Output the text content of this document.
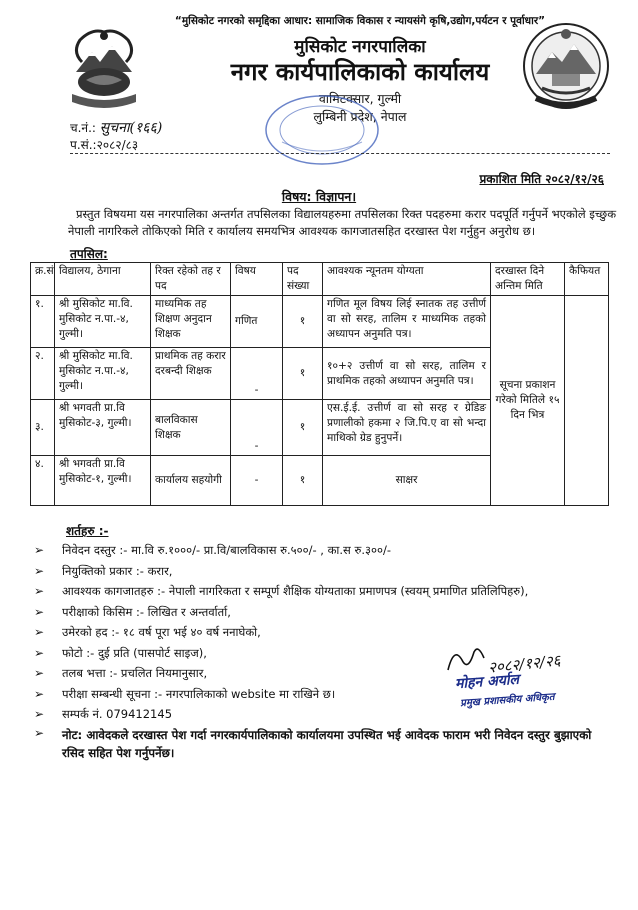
“मुसिकोट नगरको समृद्दिका आधार: सामाजिक विकास र न्यायसंगे कृषि,उद्योग,पर्यटन र पूर्वाधार”
मुसिकोट नगरपालिका
नगर कार्यपालिकाको कार्यालय
वामिटक्सार, गुल्मी
लुम्बिनी प्रदेश, नेपाल
च.नं.: सुचना(१६६)
प.सं.:२०८२/८३
प्रकाशित मिति २०८२/१२/२६
विषय: विज्ञापन।
प्रस्तुत विषयमा यस नगरपालिका अन्तर्गत तपसिलका विद्यालयहरुमा तपसिलका रिक्त पदहरुमा करार पदपूर्ति गर्नुपर्ने भएकोले इच्छुक नेपाली नागरिकले तोकिएको मिति र कार्यालय समयभित्र आवश्यक कागजातसहित दरखास्त पेश गर्नुहुन अनुरोध छ।
तपसिल:
क्र.सं	विद्यालय, ठेगाना	रिक्त रहेको तह र पद	विषय	पद संख्या	आवश्यक न्यूनतम योग्यता	दरखास्त दिने अन्तिम मिति	कैफियत
१.	श्री मुसिकोट मा.वि. मुसिकोट न.पा.-४, गुल्मी।	माध्यमिक तह शिक्षण अनुदान शिक्षक	गणित	१	गणित मूल विषय लिई स्नातक तह उत्तीर्ण वा सो सरह, तालिम र माध्यमिक तहको अध्यापन अनुमति पत्र।	सूचना प्रकाशन गरेको मितिले १५ दिन भित्र	
२.	श्री मुसिकोट मा.वि. मुसिकोट न.पा.-४, गुल्मी।	प्राथमिक तह करार दरबन्दी शिक्षक	-	१	१०+२ उत्तीर्ण वा सो सरह, तालिम र प्राथमिक तहको अध्यापन अनुमति पत्र।		
३.	श्री भगवती प्रा.वि मुसिकोट-३, गुल्मी।	बालविकास शिक्षक	-	१	एस.ई.ई. उत्तीर्ण वा सो सरह र ग्रेडिङ प्रणालीको हकमा २ जि.पि.ए वा सो भन्दा माथिको ग्रेड हुनुपर्ने।		
४.	श्री भगवती प्रा.वि मुसिकोट-१, गुल्मी।	कार्यालय सहयोगी	-	१	साक्षर		
शर्तहरु :-
➢ निवेदन दस्तुर :- मा.वि रु.१०००/- प्रा.वि/बालविकास रु.५००/- , का.स रु.३००/-
➢ नियुक्तिको प्रकार :- करार,
➢ आवश्यक कागजातहरु :- नेपाली नागरिकता र सम्पूर्ण शैक्षिक योग्यताका प्रमाणपत्र (स्वयम् प्रमाणित प्रतिलिपिहरु),
➢ परीक्षाको किसिम :- लिखित र अन्तर्वार्ता,
➢ उमेरको हद :- १८ वर्ष पूरा भई ४० वर्ष ननाघेको,
➢ फोटो :- दुई प्रति (पासपोर्ट साइज),
➢ तलब भत्ता :- प्रचलित नियमानुसार,
➢ परीक्षा सम्बन्धी सूचना :- नगरपालिकाको website मा राखिने छ।
➢ सम्पर्क नं. 079412145
➢ नोट: आवेदकले दरखास्त पेश गर्दा नगरकार्यपालिकाको कार्यालयमा उपस्थित भई आवेदक फाराम भरी निवेदन दस्तुर बुझाएको रसिद सहित पेश गर्नुपर्नेछ।
२०८२/१२/२६
मोहन अर्याल
प्रमुख प्रशासकीय अधिकृत
